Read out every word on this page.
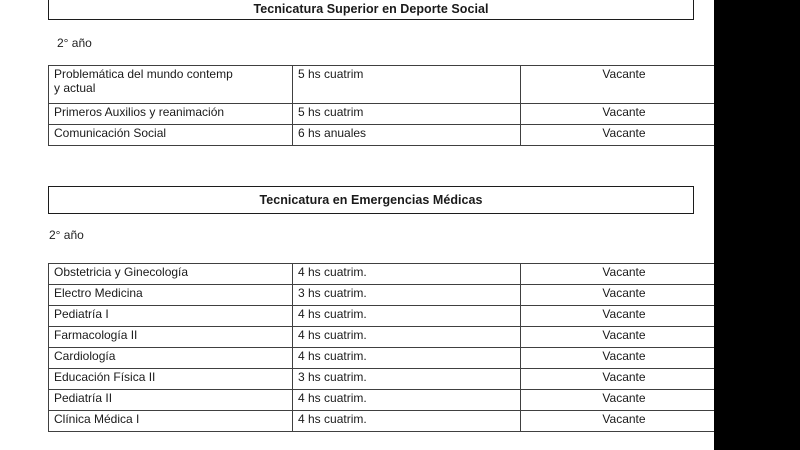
Tecnicatura Superior en Deporte Social
2° año
Problemática del mundo contemp
y actual	5 hs cuatrim	Vacante
Primeros Auxilios y reanimación	5 hs cuatrim	Vacante
Comunicación Social	6 hs anuales	Vacante
Tecnicatura en Emergencias Médicas
2° año
Obstetricia y Ginecología	4 hs cuatrim.	Vacante
Electro Medicina	3 hs cuatrim.	Vacante
Pediatría I	4 hs cuatrim.	Vacante
Farmacología II	4 hs cuatrim.	Vacante
Cardiología	4 hs cuatrim.	Vacante
Educación Física II	3 hs cuatrim.	Vacante
Pediatría II	4 hs cuatrim.	Vacante
Clínica Médica I	4 hs cuatrim.	Vacante
